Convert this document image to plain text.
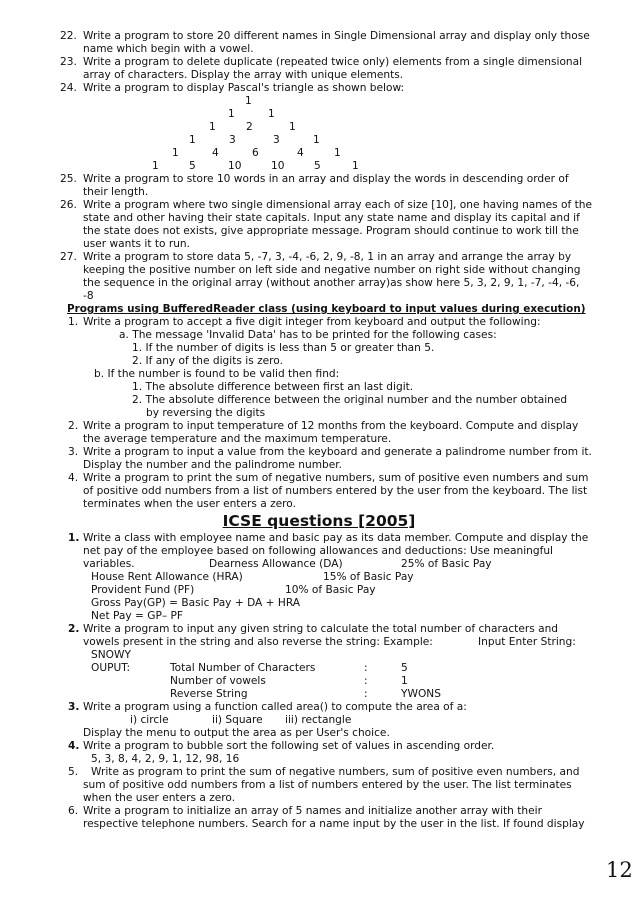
22. Write a program to store 20 different names in Single Dimensional array and display only those
name which begin with a vowel.
23. Write a program to delete duplicate (repeated twice only) elements from a single dimensional
array of characters. Display the array with unique elements.
24. Write a program to display Pascal's triangle as shown below:
1
1	1
1	2	1
1	3	3	1
1	4	6	4	1
1	5	10	10	5	1
25. Write a program to store 10 words in an array and display the words in descending order of
their length.
26. Write a program where two single dimensional array each of size [10], one having names of the
state and other having their state capitals. Input any state name and display its capital and if
the state does not exists, give appropriate message. Program should continue to work till the
user wants it to run.
27. Write a program to store data 5, -7, 3, -4, -6, 2, 9, -8, 1 in an array and arrange the array by
keeping the positive number on left side and negative number on right side without changing
the sequence in the original array (without another array)as show here 5, 3, 2, 9, 1, -7, -4, -6,
-8
Programs using BufferedReader class (using keyboard to input values during execution)
1. Write a program to accept a five digit integer from keyboard and output the following:
a. The message 'Invalid Data' has to be printed for the following cases:
1. If the number of digits is less than 5 or greater than 5.
2. If any of the digits is zero.
b. If the number is found to be valid then find:
1. The absolute difference between first an last digit.
2. The absolute difference between the original number and the number obtained
by reversing the digits
2. Write a program to input temperature of 12 months from the keyboard. Compute and display
the average temperature and the maximum temperature.
3. Write a program to input a value from the keyboard and generate a palindrome number from it.
Display the number and the palindrome number.
4. Write a program to print the sum of negative numbers, sum of positive even numbers and sum
of positive odd numbers from a list of numbers entered by the user from the keyboard. The list
terminates when the user enters a zero.
ICSE questions [2005]
1. Write a class with employee name and basic pay as its data member. Compute and display the
net pay of the employee based on following allowances and deductions: Use meaningful
variables.	Dearness Allowance (DA)	25% of Basic Pay
House Rent Allowance (HRA)	15% of Basic Pay
Provident Fund (PF)	10% of Basic Pay
Gross Pay(GP) = Basic Pay + DA + HRA
Net Pay = GP– PF
2. Write a program to input any given string to calculate the total number of characters and
vowels present in the string and also reverse the string: Example:	Input Enter String:
SNOWY
OUPUT:	Total Number of Characters	:	5
Number of vowels	:	1
Reverse String	:	YWONS
3. Write a program using a function called area() to compute the area of a:
i) circle	ii) Square iii) rectangle
Display the menu to output the area as per User's choice.
4. Write a program to bubble sort the following set of values in ascending order.
5, 3, 8, 4, 2, 9, 1, 12, 98, 16
5. Write as program to print the sum of negative numbers, sum of positive even numbers, and
sum of positive odd numbers from a list of numbers entered by the user. The list terminates
when the user enters a zero.
6. Write a program to initialize an array of 5 names and initialize another array with their
respective telephone numbers. Search for a name input by the user in the list. If found display
12
